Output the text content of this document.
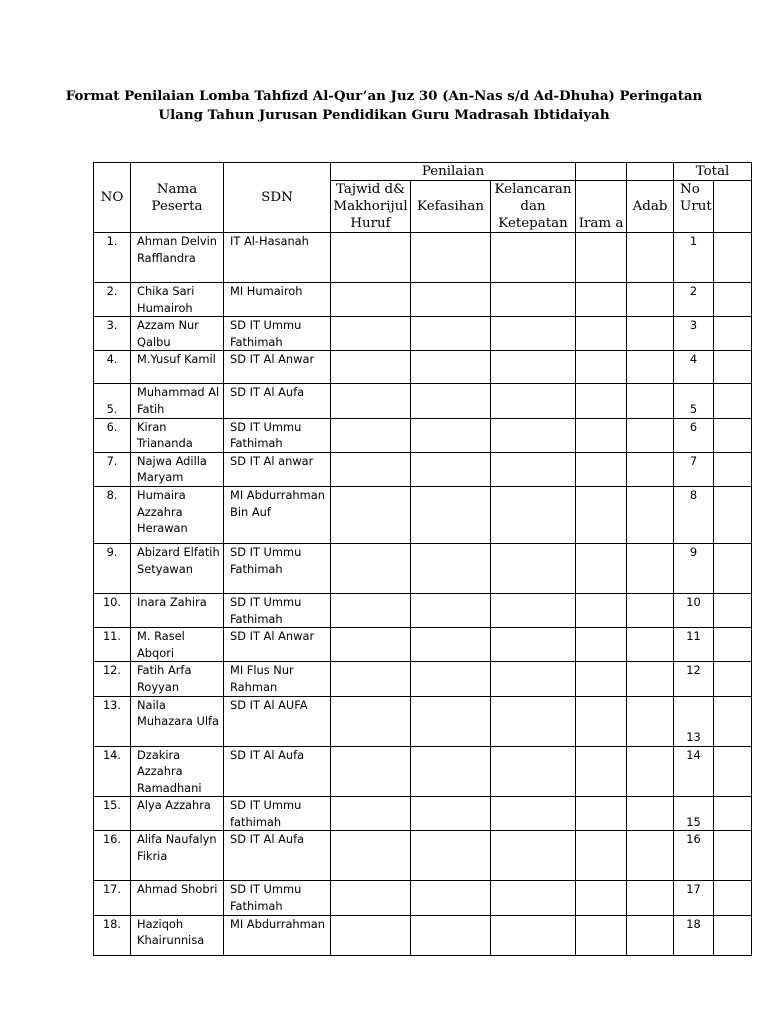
Format Penilaian Lomba Tahfizd Al-Qur’an Juz 30 (An-Nas s/d Ad-Dhuha) Peringatan
Ulang Tahun Jurusan Pendidikan Guru Madrasah Ibtidaiyah
NO	Nama Peserta	SDN	Penilaian					Total	
			Tajwid d& Makhorijul Huruf	Kefasihan	Kelancaran dan Ketepatan	Iram a	Adab	No Urut	
1.	Ahman Delvin Rafflandra	IT Al-Hasanah						1	
2.	Chika Sari Humairoh	MI Humairoh						2	
3.	Azzam Nur Qalbu	SD IT Ummu Fathimah						3	
4.	M.Yusuf Kamil	SD IT Al Anwar						4	
5.	Muhammad Al Fatih	SD IT Al Aufa						5	
6.	Kiran Triananda	SD IT Ummu Fathimah						6	
7.	Najwa Adilla Maryam	SD IT Al anwar						7	
8.	Humaira Azzahra Herawan	MI Abdurrahman Bin Auf						8	
9.	Abizard Elfatih Setyawan	SD IT Ummu Fathimah						9	
10.	Inara Zahira	SD IT Ummu Fathimah						10	
11.	M. Rasel Abqori	SD IT Al Anwar						11	
12.	Fatih Arfa Royyan	MI Flus Nur Rahman						12	
13.	Naila Muhazara Ulfa	SD IT Al AUFA						13	
14.	Dzakira Azzahra Ramadhani	SD IT Al Aufa						14	
15.	Alya Azzahra	SD IT Ummu fathimah						15	
16.	Alifa Naufalyn Fikria	SD IT Al Aufa						16	
17.	Ahmad Shobri	SD IT Ummu Fathimah						17	
18.	Haziqoh Khairunnisa	MI Abdurrahman						18	
